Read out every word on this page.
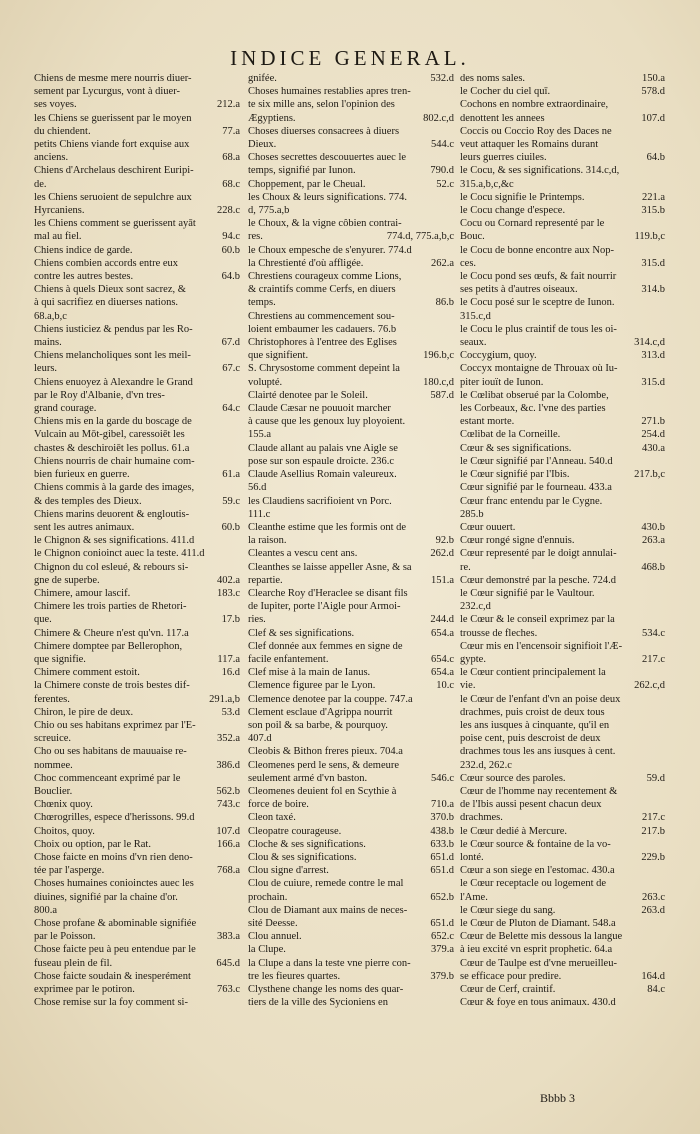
INDICE GENERAL.
Chiens de mesme mere nourris diuer-
sement par Lycurgus, vont à diuer-
212.a
ses voyes.
les Chiens se guerissent par le moyen
77.a
du chiendent.
petits Chiens viande fort exquise aux
68.a
anciens.
Chiens d'Archelaus deschirent Euripi-
68.c
de.
les Chiens seruoient de sepulchre aux
228.c
Hyrcaniens.
les Chiens comment se guerissent ayāt
94.c
mal au fiel.
60.b
Chiens indice de garde.
Chiens combien accords entre eux
64.b
contre les autres bestes.
Chiens à quels Dieux sont sacrez, &
à qui sacrifiez en diuerses nations.
68.a,b,c
Chiens iusticiez & pendus par les Ro-
67.d
mains.
Chiens melancholiques sont les meil-
67.c
leurs.
Chiens enuoyez à Alexandre le Grand
par le Roy d'Albanie, d'vn tres-
64.c
grand courage.
Chiens mis en la garde du boscage de
Vulcain au Mōt-gibel, caressoiēt les
chastes & deschiroiēt les pollus. 61.a
Chiens nourris de chair humaine com-
61.a
bien furieux en guerre.
Chiens commis à la garde des images,
59.c
& des temples des Dieux.
Chiens marins deuorent & engloutis-
60.b
sent les autres animaux.
le Chignon & ses significations. 411.d
le Chignon conioinct auec la teste. 411.d
Chignon du col esleué, & rebours si-
402.a
gne de superbe.
183.c
Chimere, amour lascif.
Chimere les trois parties de Rhetori-
17.b
que.
Chimere & Cheure n'est qu'vn. 117.a
Chimere domptee par Bellerophon,
117.a
que signifie.
16.d
Chimere comment estoit.
la Chimere conste de trois bestes dif-
291.a,b
ferentes.
53.d
Chiron, le pire de deux.
Chio ou ses habitans exprimez par l'E-
352.a
screuice.
Cho ou ses habitans de mauuaise re-
386.d
nommee.
Choc commenceant exprimé par le
562.b
Bouclier.
743.c
Chœnix quoy.
Chœrogrilles, espece d'herissons. 99.d
107.d
Choitos, quoy.
166.a
Choix ou option, par le Rat.
Chose faicte en moins d'vn rien deno-
768.a
tée par l'asperge.
Choses humaines conioinctes auec les
diuines, signifié par la chaine d'or.
800.a
Chose profane & abominable signifiée
383.a
par le Poisson.
Chose faicte peu à peu entendue par le
645.d
fuseau plein de fil.
Chose faicte soudain & inesperément
763.c
exprimee par le potiron.
Chose remise sur la foy comment si-
532.d
gnifée.
Choses humaines restablies apres tren-
te six mille ans, selon l'opinion des
802.c,d
Ægyptiens.
Choses diuerses consacrees à diuers
544.c
Dieux.
Choses secrettes descouuertes auec le
790.d
temps, signifié par Iunon.
52.c
Choppement, par le Cheual.
les Choux & leurs significations. 774.
d, 775.a,b
le Choux, & la vigne côbien contrai-
774.d, 775.a,b,c
res.
le Choux empesche de s'enyurer. 774.d
262.a
la Chrestienté d'où affligée.
Chrestiens courageux comme Lions,
& craintifs comme Cerfs, en diuers
86.b
temps.
Chrestiens au commencement sou-
loient embaumer les cadauers. 76.b
Christophores à l'entree des Eglises
196.b,c
que signifient.
S. Chrysostome comment depeint la
180.c,d
volupté.
587.d
Clairté denotee par le Soleil.
Claude Cæsar ne pouuoit marcher
à cause que les genoux luy ployoient.
155.a
Claude allant au palais vne Aigle se
pose sur son espaule droicte. 236.c
Claude Asellius Romain valeureux.
56.d
les Claudiens sacrifioient vn Porc.
111.c
Cleanthe estime que les formis ont de
92.b
la raison.
262.d
Cleantes a vescu cent ans.
Cleanthes se laisse appeller Asne, & sa
151.a
repartie.
Clearche Roy d'Heraclee se disant fils
de Iupiter, porte l'Aigle pour Armoi-
244.d
ries.
654.a
Clef & ses significations.
Clef donnée aux femmes en signe de
654.c
facile enfantement.
654.a
Clef mise à la main de Ianus.
10.c
Clemence figuree par le Lyon.
Clemence denotee par la couppe. 747.a
Clement esclaue d'Agrippa nourrit
son poil & sa barbe, & pourquoy.
407.d
Cleobis & Bithon freres pieux. 704.a
Cleomenes perd le sens, & demeure
546.c
seulement armé d'vn baston.
Cleomenes deuient fol en Scythie à
710.a
force de boire.
370.b
Cleon taxé.
438.b
Cleopatre courageuse.
633.b
Cloche & ses significations.
651.d
Clou & ses significations.
651.d
Clou signe d'arrest.
Clou de cuiure, remede contre le mal
652.b
prochain.
Clou de Diamant aux mains de neces-
651.d
sité Deesse.
652.c
Clou annuel.
379.a
la Clupe.
la Clupe a dans la teste vne pierre con-
379.b
tre les fieures quartes.
Clysthene change les noms des quar-
tiers de la ville des Sycioniens en
150.a
des noms sales.
578.d
le Cocher du ciel quī.
Cochons en nombre extraordinaire,
107.d
denottent les annees
Coccis ou Coccio Roy des Daces ne
veut attaquer les Romains durant
64.b
leurs guerres ciuiles.
le Cocu, & ses significations. 314.c,d,
315.a,b,c,&c
221.a
le Cocu signifie le Printemps.
315.b
le Cocu change d'espece.
Cocu ou Cornard representé par le
119.b,c
Bouc.
le Cocu de bonne encontre aux Nop-
315.d
ces.
le Cocu pond ses œufs, & fait nourrir
314.b
ses petits à d'autres oiseaux.
le Cocu posé sur le sceptre de Iunon.
315.c,d
le Cocu le plus craintif de tous les oi-
314.c,d
seaux.
313.d
Coccygium, quoy.
Coccyx montaigne de Throuax où Iu-
315.d
piter iouït de Iunon.
le Cœlibat obserué par la Colombe,
les Corbeaux, &c. l'vne des parties
271.b
estant morte.
254.d
Cœlibat de la Corneille.
430.a
Cœur & ses significations.
le Cœur signifié par l'Anneau. 540.d
217.b,c
le Cœur signifié par l'Ibis.
Cœur signifié par le fourneau. 433.a
Cœur franc entendu par le Cygne.
285.b
430.b
Cœur ouuert.
263.a
Cœur rongé signe d'ennuis.
Cœur representé par le doigt annulai-
468.b
re.
Cœur demonstré par la pesche. 724.d
le Cœur signifié par le Vaultour.
232.c,d
le Cœur & le conseil exprimez par la
534.c
trousse de fleches.
Cœur mis en l'encensoir signifioit l'Æ-
217.c
gypte.
le Cœur contient principalement la
262.c,d
vie.
le Cœur de l'enfant d'vn an poise deux
drachmes, puis croist de deux tous
les ans iusques à cinquante, qu'il en
poise cent, puis descroist de deux
drachmes tous les ans iusques à cent.
232.d, 262.c
59.d
Cœur source des paroles.
Cœur de l'homme nay recentement &
de l'Ibis aussi pesent chacun deux
217.c
drachmes.
217.b
le Cœur dedié à Mercure.
le Cœur source & fontaine de la vo-
229.b
lonté.
Cœur a son siege en l'estomac. 430.a
le Cœur receptacle ou logement de
263.c
l'Ame.
263.d
le Cœur siege du sang.
le Cœur de Pluton de Diamant. 548.a
Cœur de Belette mis dessous la langue
à ieu excité vn esprit prophetic. 64.a
Cœur de Taulpe est d'vne merueilleu-
164.d
se efficace pour predire.
84.c
Cœur de Cerf, craintif.
Cœur & foye en tous animaux. 430.d
Bbbb 3
